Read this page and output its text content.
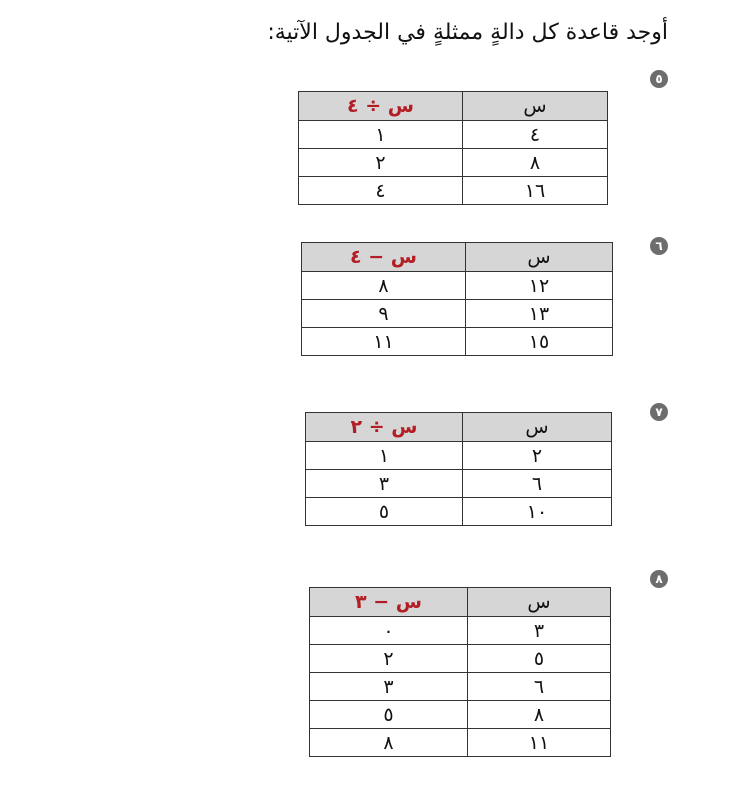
أوجد قاعدة كل دالةٍ ممثلةٍ في الجدول الآتية:
٥
س	س ÷ ٤
٤	١
٨	٢
١٦	٤
٦
س	س − ٤
١٢	٨
١٣	٩
١٥	١١
٧
س	س ÷ ٢
٢	١
٦	٣
١٠	٥
٨
س	س − ٣
٣	٠
٥	٢
٦	٣
٨	٥
١١	٨
